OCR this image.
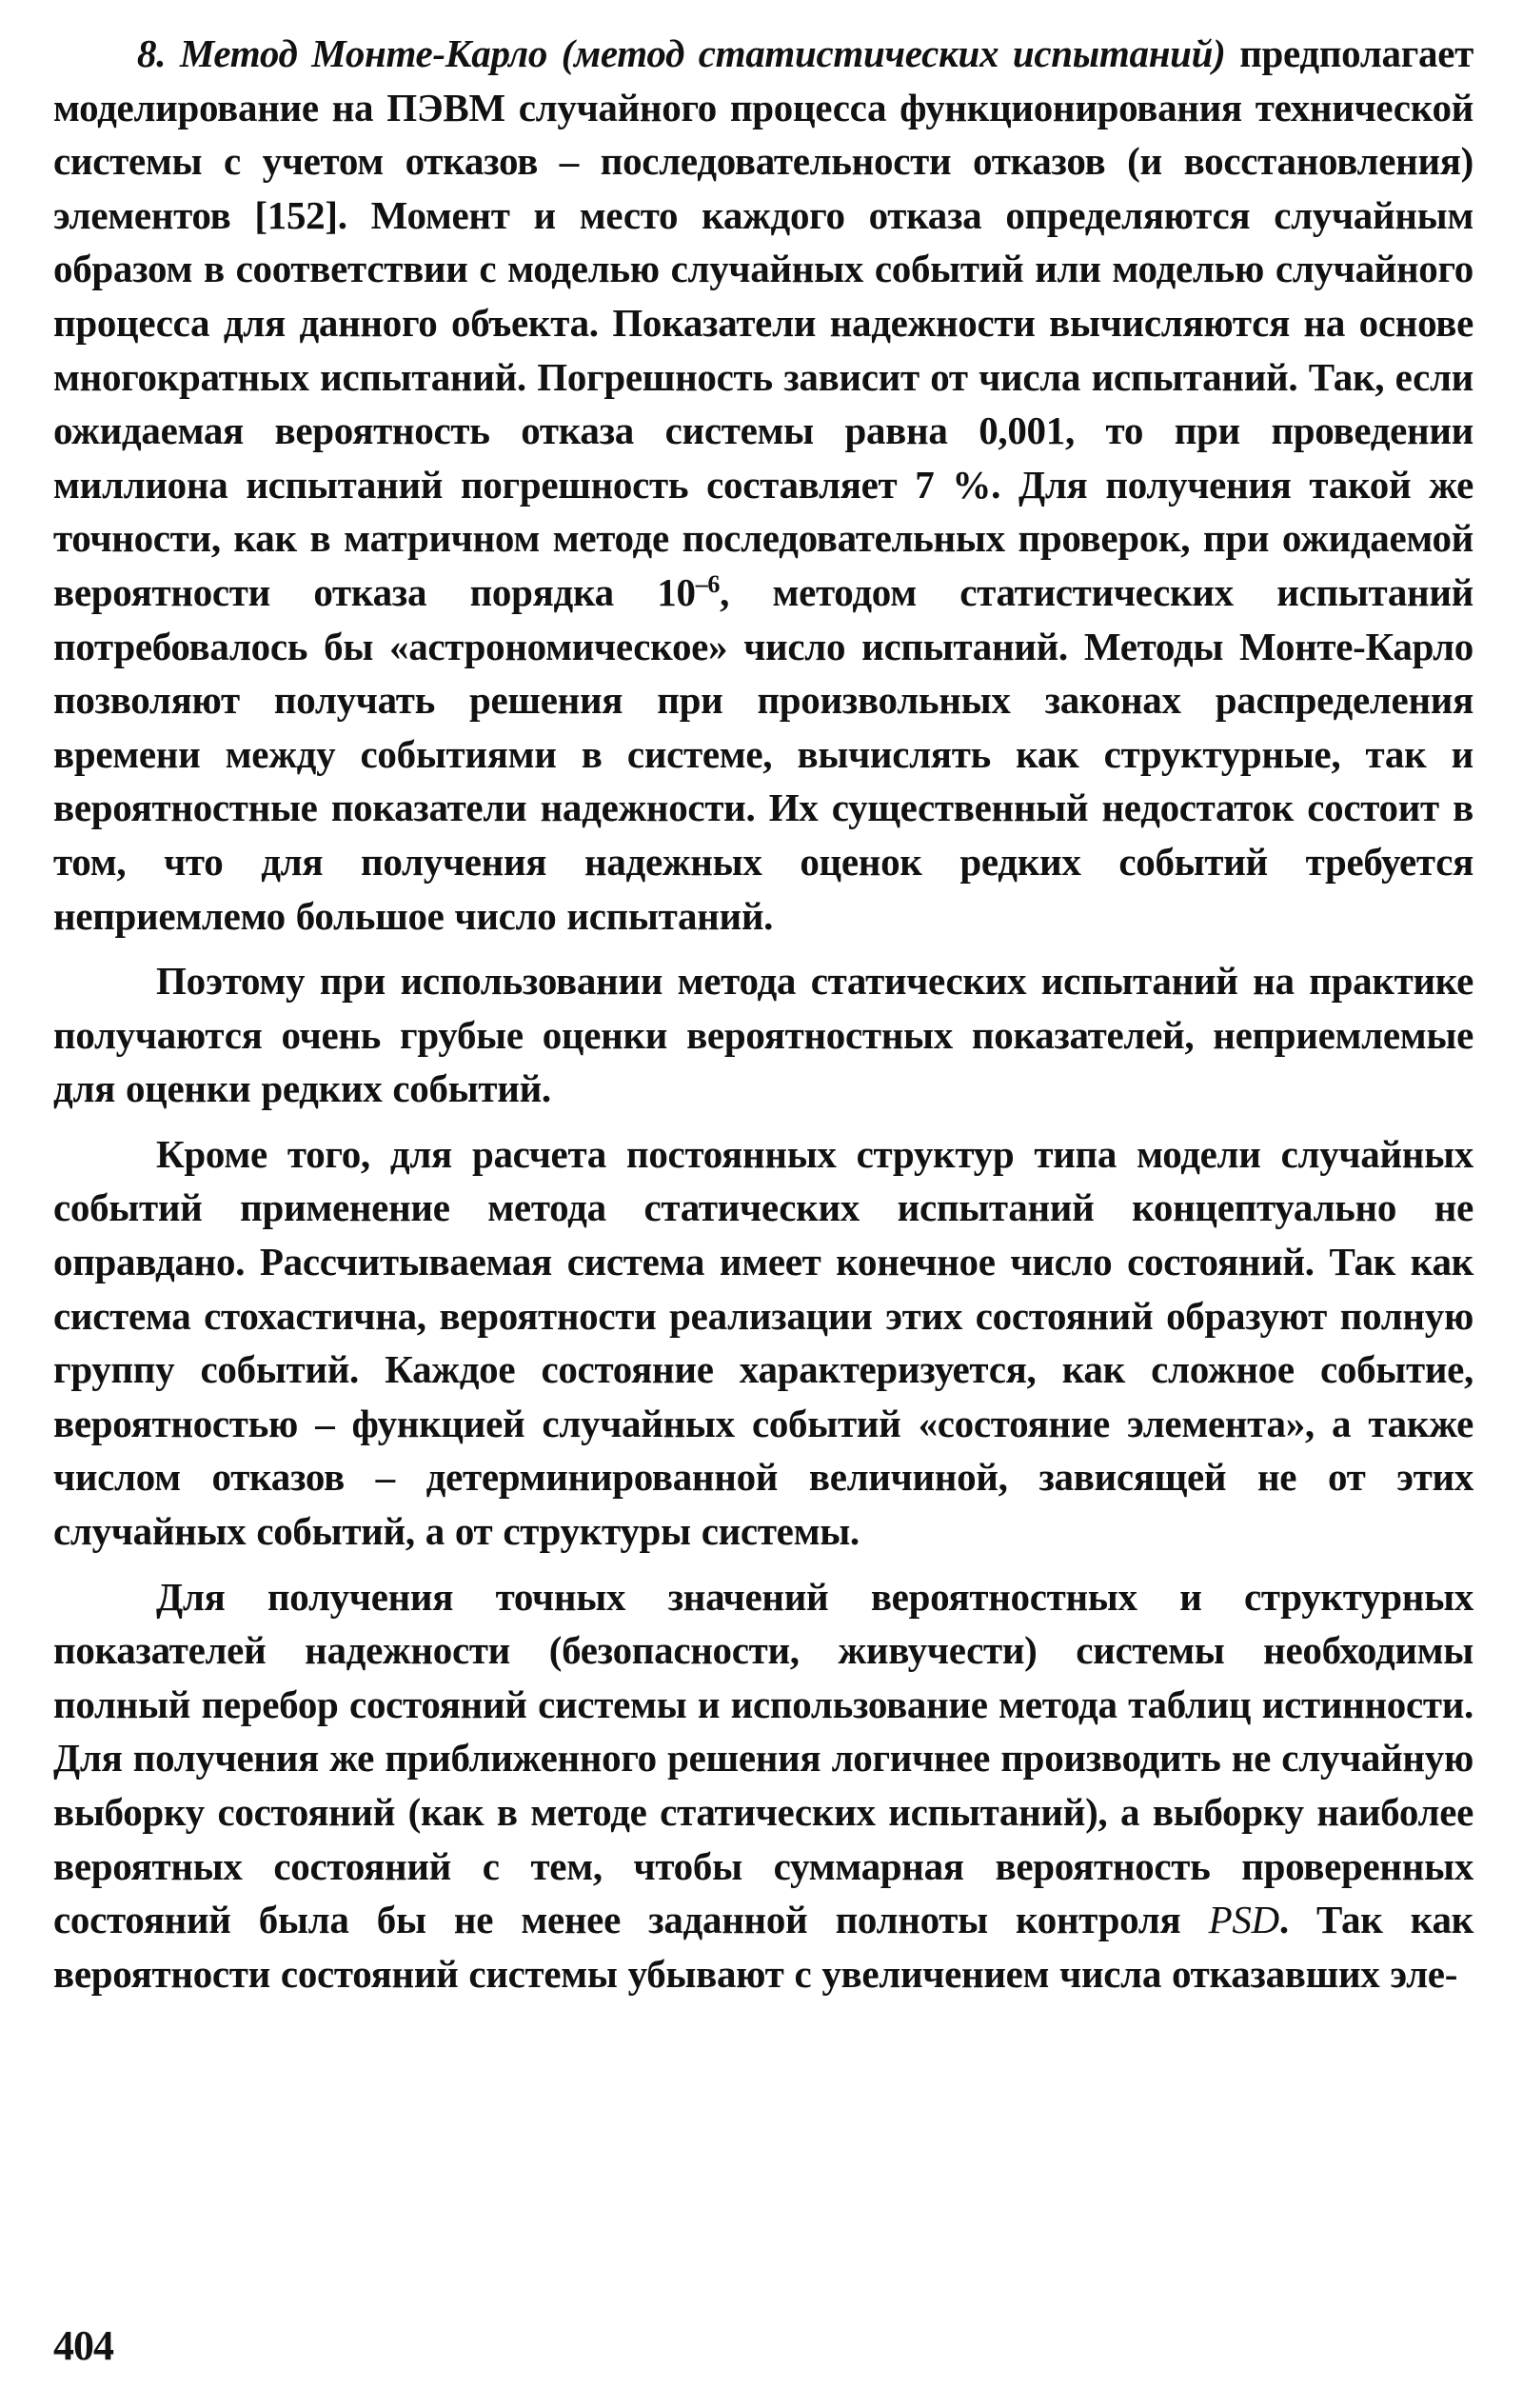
8. Метод Монте-Карло (метод статистических испытаний) предполагает моделирование на ПЭВМ случайного процесса функционирования технической системы с учетом отказов – последовательности отказов (и восстановления) элементов [152]. Момент и место каждого отказа определяются случайным образом в соответствии с моделью случайных событий или моделью случайного процесса для данного объекта. Показатели надежности вычисляются на основе многократных испытаний. Погрешность зависит от числа испытаний. Так, если ожидаемая вероятность отказа системы равна 0,001, то при проведении миллиона испытаний погрешность составляет 7 %. Для получения такой же точности, как в матричном методе последовательных проверок, при ожидаемой вероятности отказа порядка $10^{-6}$, методом статистических испытаний потребовалось бы «астрономическое» число испытаний. Методы Монте-Карло позволяют получать решения при произвольных законах распределения времени между событиями в системе, вычислять как структурные, так и вероятностные показатели надежности. Их существенный недостаток состоит в том, что для получения надежных оценок редких событий требуется неприемлемо большое число испытаний.

Поэтому при использовании метода статических испытаний на практике получаются очень грубые оценки вероятностных показателей, неприемлемые для оценки редких событий.

Кроме того, для расчета постоянных структур типа модели случайных событий применение метода статических испытаний концептуально не оправдано. Рассчитываемая система имеет конечное число состояний. Так как система стохастична, вероятности реализации этих состояний образуют полную группу событий. Каждое состояние характеризуется, как сложное событие, вероятностью – функцией случайных событий «состояние элемента», а также числом отказов – детерминированной величиной, зависящей не от этих случайных событий, а от структуры системы.

Для получения точных значений вероятностных и структурных показателей надежности (безопасности, живучести) системы необходимы полный перебор состояний системы и использование метода таблиц истинности. Для получения же приближенного решения логичнее производить не случайную выборку состояний (как в методе статических испытаний), а выборку наиболее вероятных состояний с тем, чтобы суммарная вероятность проверенных состояний была бы не менее заданной полноты контроля PSD. Так как вероятности состояний системы убывают с увеличением числа отказавших эле-

404
